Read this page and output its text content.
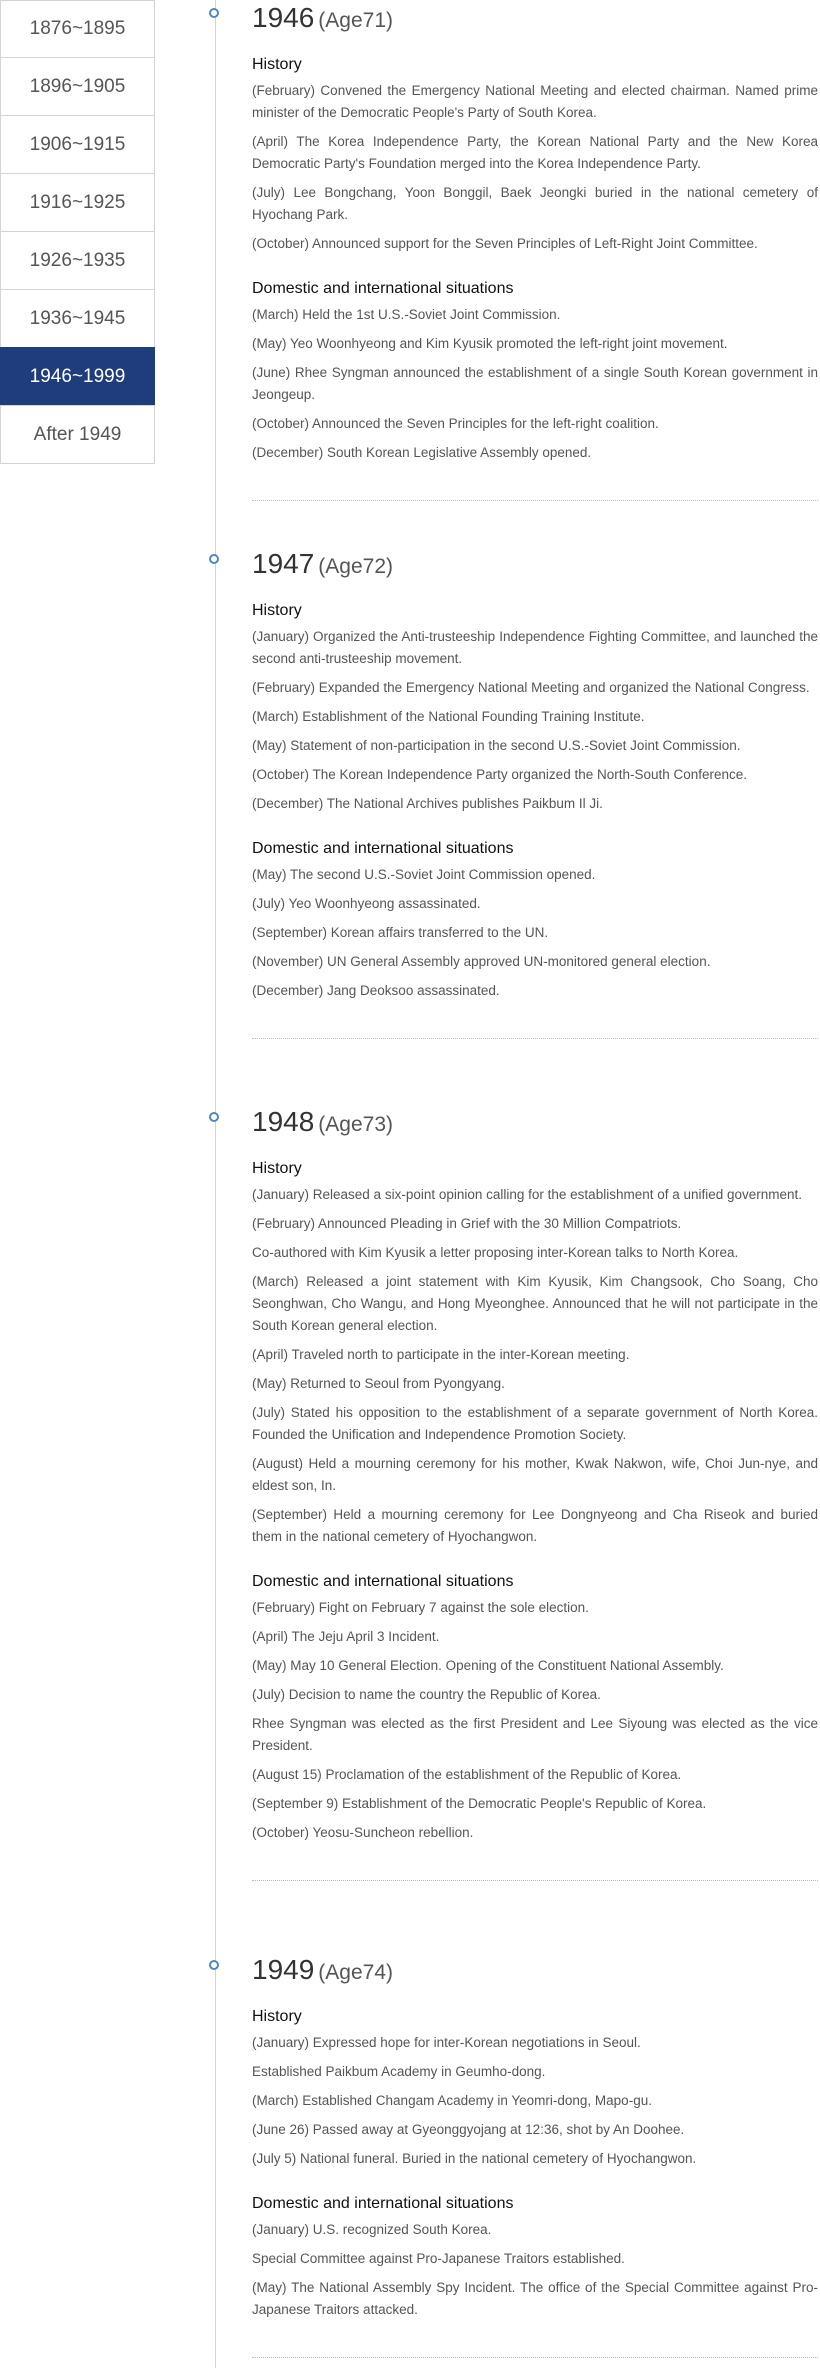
1876~1895
1896~1905
1906~1915
1916~1925
1926~1935
1936~1945
1946~1999
After 1949
1946 (Age71)
History
(February) Convened the Emergency National Meeting and elected chairman. Named prime minister of the Democratic People's Party of South Korea.
(April) The Korea Independence Party, the Korean National Party and the New Korea Democratic Party's Foundation merged into the Korea Independence Party.
(July) Lee Bongchang, Yoon Bonggil, Baek Jeongki buried in the national cemetery of Hyochang Park.
(October) Announced support for the Seven Principles of Left-Right Joint Committee.
Domestic and international situations
(March) Held the 1st U.S.-Soviet Joint Commission.
(May) Yeo Woonhyeong and Kim Kyusik promoted the left-right joint movement.
(June) Rhee Syngman announced the establishment of a single South Korean government in Jeongeup.
(October) Announced the Seven Principles for the left-right coalition.
(December) South Korean Legislative Assembly opened.
1947 (Age72)
History
(January) Organized the Anti-trusteeship Independence Fighting Committee, and launched the second anti-trusteeship movement.
(February) Expanded the Emergency National Meeting and organized the National Congress.
(March) Establishment of the National Founding Training Institute.
(May) Statement of non-participation in the second U.S.-Soviet Joint Commission.
(October) The Korean Independence Party organized the North-South Conference.
(December) The National Archives publishes Paikbum Il Ji.
Domestic and international situations
(May) The second U.S.-Soviet Joint Commission opened.
(July) Yeo Woonhyeong assassinated.
(September) Korean affairs transferred to the UN.
(November) UN General Assembly approved UN-monitored general election.
(December) Jang Deoksoo assassinated.
1948 (Age73)
History
(January) Released a six-point opinion calling for the establishment of a unified government.
(February) Announced Pleading in Grief with the 30 Million Compatriots.
Co-authored with Kim Kyusik a letter proposing inter-Korean talks to North Korea.
(March) Released a joint statement with Kim Kyusik, Kim Changsook, Cho Soang, Cho Seonghwan, Cho Wangu, and Hong Myeonghee. Announced that he will not participate in the South Korean general election.
(April) Traveled north to participate in the inter-Korean meeting.
(May) Returned to Seoul from Pyongyang.
(July) Stated his opposition to the establishment of a separate government of North Korea. Founded the Unification and Independence Promotion Society.
(August) Held a mourning ceremony for his mother, Kwak Nakwon, wife, Choi Jun-nye, and eldest son, In.
(September) Held a mourning ceremony for Lee Dongnyeong and Cha Riseok and buried them in the national cemetery of Hyochangwon.
Domestic and international situations
(February) Fight on February 7 against the sole election.
(April) The Jeju April 3 Incident.
(May) May 10 General Election. Opening of the Constituent National Assembly.
(July) Decision to name the country the Republic of Korea.
Rhee Syngman was elected as the first President and Lee Siyoung was elected as the vice President.
(August 15) Proclamation of the establishment of the Republic of Korea.
(September 9) Establishment of the Democratic People's Republic of Korea.
(October) Yeosu-Suncheon rebellion.
1949 (Age74)
History
(January) Expressed hope for inter-Korean negotiations in Seoul.
Established Paikbum Academy in Geumho-dong.
(March) Established Changam Academy in Yeomri-dong, Mapo-gu.
(June 26) Passed away at Gyeonggyojang at 12:36, shot by An Doohee.
(July 5) National funeral. Buried in the national cemetery of Hyochangwon.
Domestic and international situations
(January) U.S. recognized South Korea.
Special Committee against Pro-Japanese Traitors established.
(May) The National Assembly Spy Incident. The office of the Special Committee against Pro-Japanese Traitors attacked.
